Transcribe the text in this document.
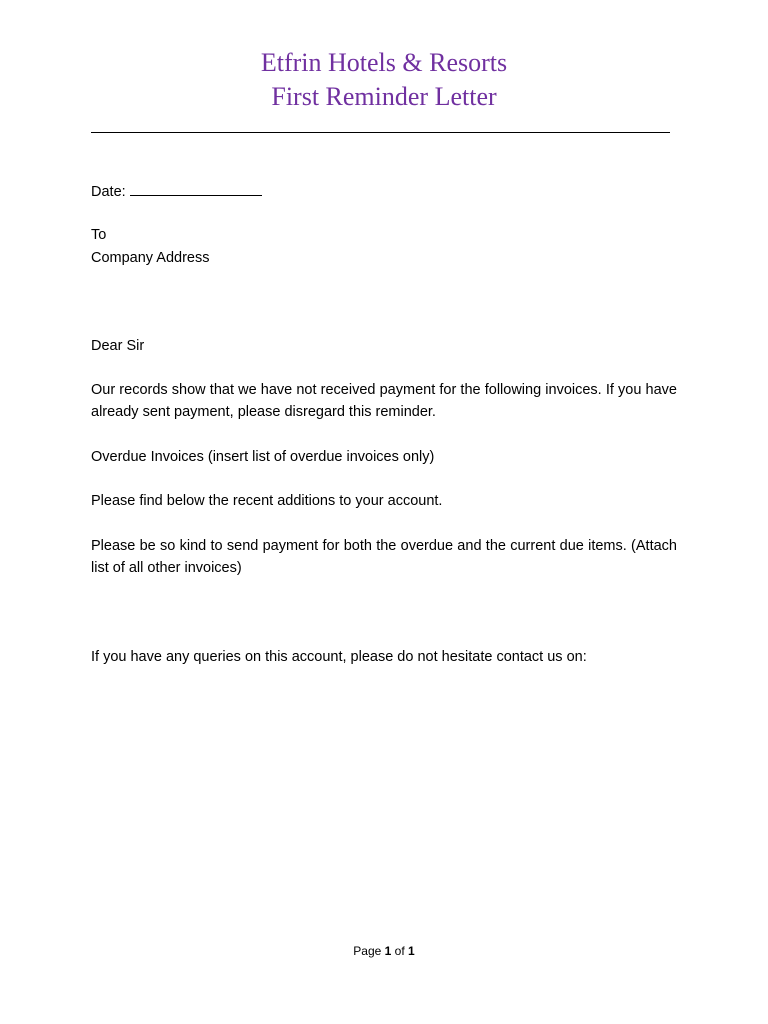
Etfrin Hotels & Resorts
First Reminder Letter
Date:
To
Company Address
Dear Sir
Our records show that we have not received payment for the following invoices. If you have already sent payment, please disregard this reminder.
Overdue Invoices (insert list of overdue invoices only)
Please find below the recent additions to your account.
Please be so kind to send payment for both the overdue and the current due items. (Attach list of all other invoices)
If you have any queries on this account, please do not hesitate contact us on:
Page 1 of 1
